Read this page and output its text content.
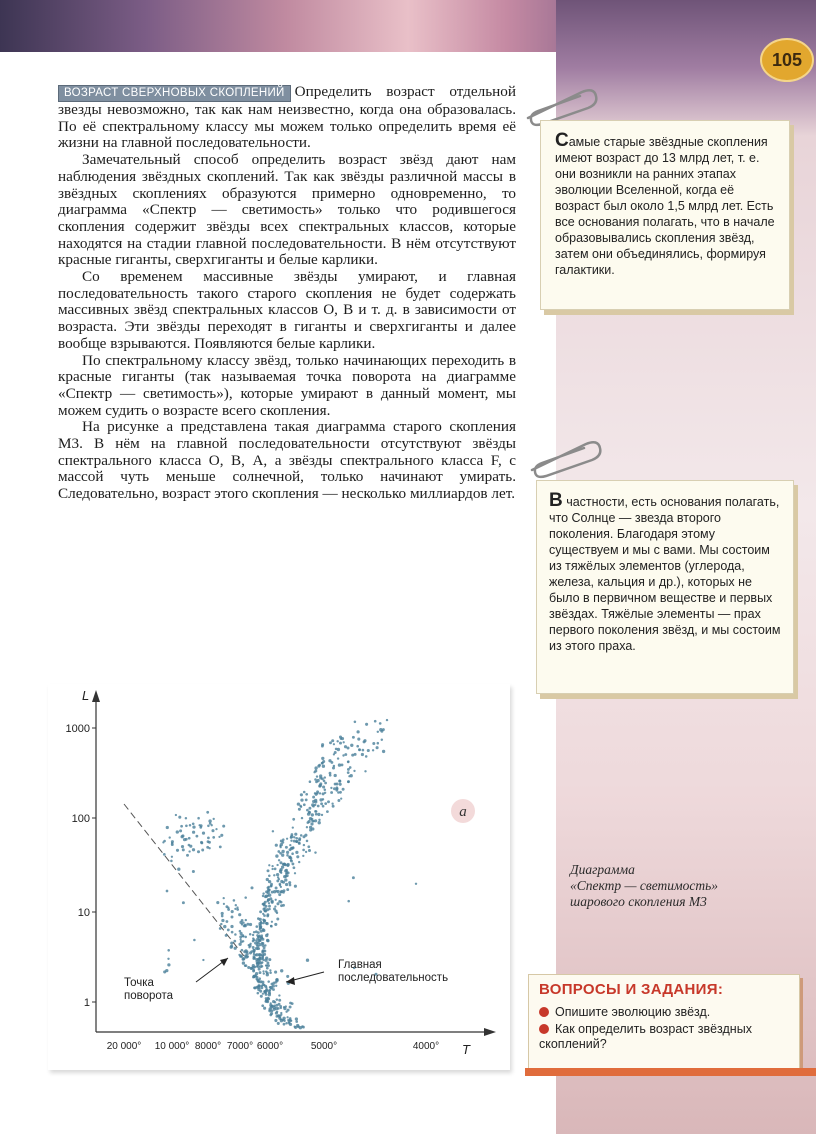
105

ВОЗРАСТ СВЕРХНОВЫХ СКОПЛЕНИЙ Определить возраст отдельной звезды невозможно, так как нам неизвестно, когда она образовалась. По её спектральному классу мы можем только определить время её жизни на главной последовательности.

Замечательный способ определить возраст звёзд дают нам наблюдения звёздных скоплений. Так как звёзды различной массы в звёздных скоплениях образуются примерно одновременно, то диаграмма «Спектр — светимость» только что родившегося скопления содержит звёзды всех спектральных классов, которые находятся на стадии главной последовательности. В нём отсутствуют красные гиганты, сверхгиганты и белые карлики.

Со временем массивные звёзды умирают, и главная последовательность такого старого скопления не будет содержать массивных звёзд спектральных классов О, В и т. д. в зависимости от возраста. Эти звёзды переходят в гиганты и сверхгиганты и далее вообще взрываются. Появляются белые карлики.

По спектральному классу звёзд, только начинающих переходить в красные гиганты (так называемая точка поворота на диаграмме «Спектр — светимость»), которые умирают в данный момент, мы можем судить о возрасте всего скопления.

На рисунке а представлена такая диаграмма старого скопления М3. В нём на главной последовательности отсутствуют звёзды спектрального класса О, В, А, а звёзды спектрального класса F, с массой чуть меньше солнечной, только начинают умирать. Следовательно, возраст этого скопления — несколько миллиардов лет.

Самые старые звёздные скопления имеют возраст до 13 млрд лет, т. е. они возникли на ранних этапах эволюции Вселенной, когда её возраст был около 1,5 млрд лет. Есть все основания полагать, что в начале образовывались скопления звёзд, затем они объединялись, формируя галактики.
В частности, есть основания полагать, что Солнце — звезда второго поколения. Благодаря этому существуем и мы с вами. Мы состоим из тяжёлых элементов (углерода, железа, кальция и др.), которых не было в первичном веществе и первых звёздах. Тяжёлые элементы — прах первого поколения звёзд, и мы состоим из этого праха.
L
T
1000
100
10
1
20 000° 10 000° 8000° 7000° 6000°	5000°	4000°
Точка поворота
Главная последовательность
а
Диаграмма
«Спектр — светимость»
шарового скопления М3
ВОПРОСЫ И ЗАДАНИЯ:
Опишите эволюцию звёзд.
Как определить возраст звёздных скоплений?
